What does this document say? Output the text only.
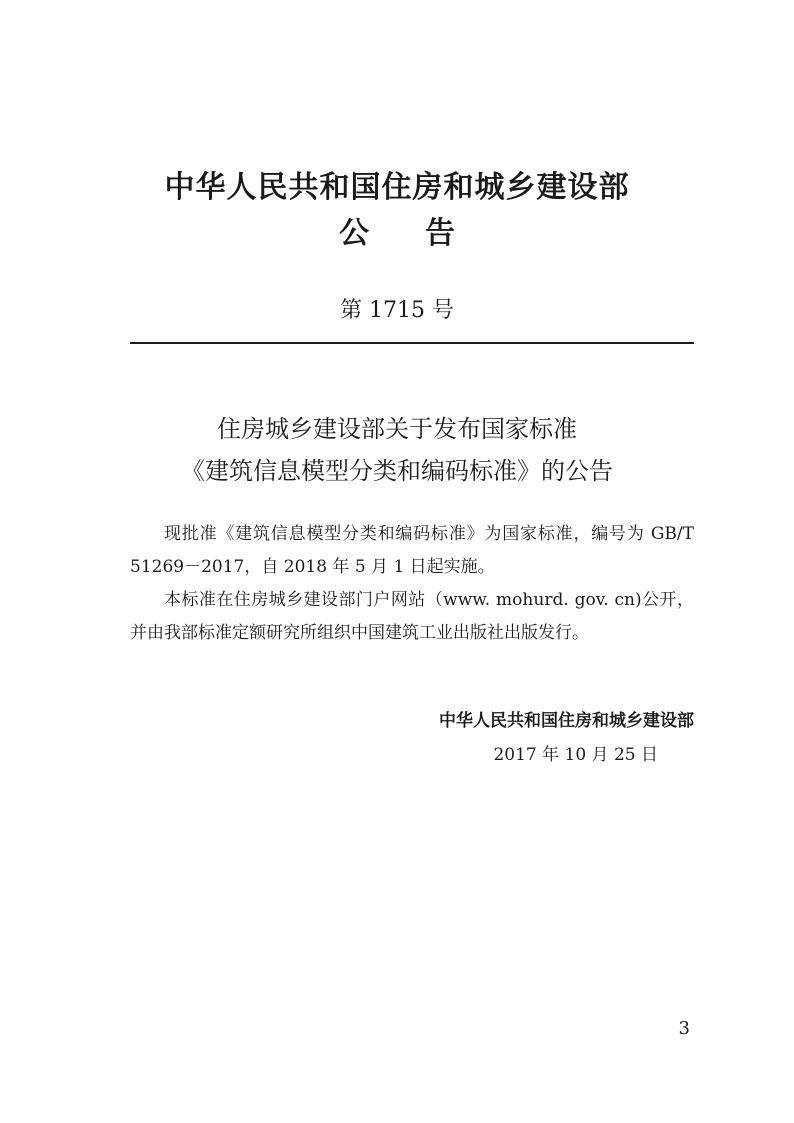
中华人民共和国住房和城乡建设部
公告
第 1715 号
住房城乡建设部关于发布国家标准
《建筑信息模型分类和编码标准》的公告

现批准《建筑信息模型分类和编码标准》为国家标准，编号为 GB/T 51269－2017，自 2018 年 5 月 1 日起实施。

本标准在住房城乡建设部门户网站（www. mohurd. gov. cn)公开，并由我部标准定额研究所组织中国建筑工业出版社出版发行。

中华人民共和国住房和城乡建设部
2017 年 10 月 25 日
3
